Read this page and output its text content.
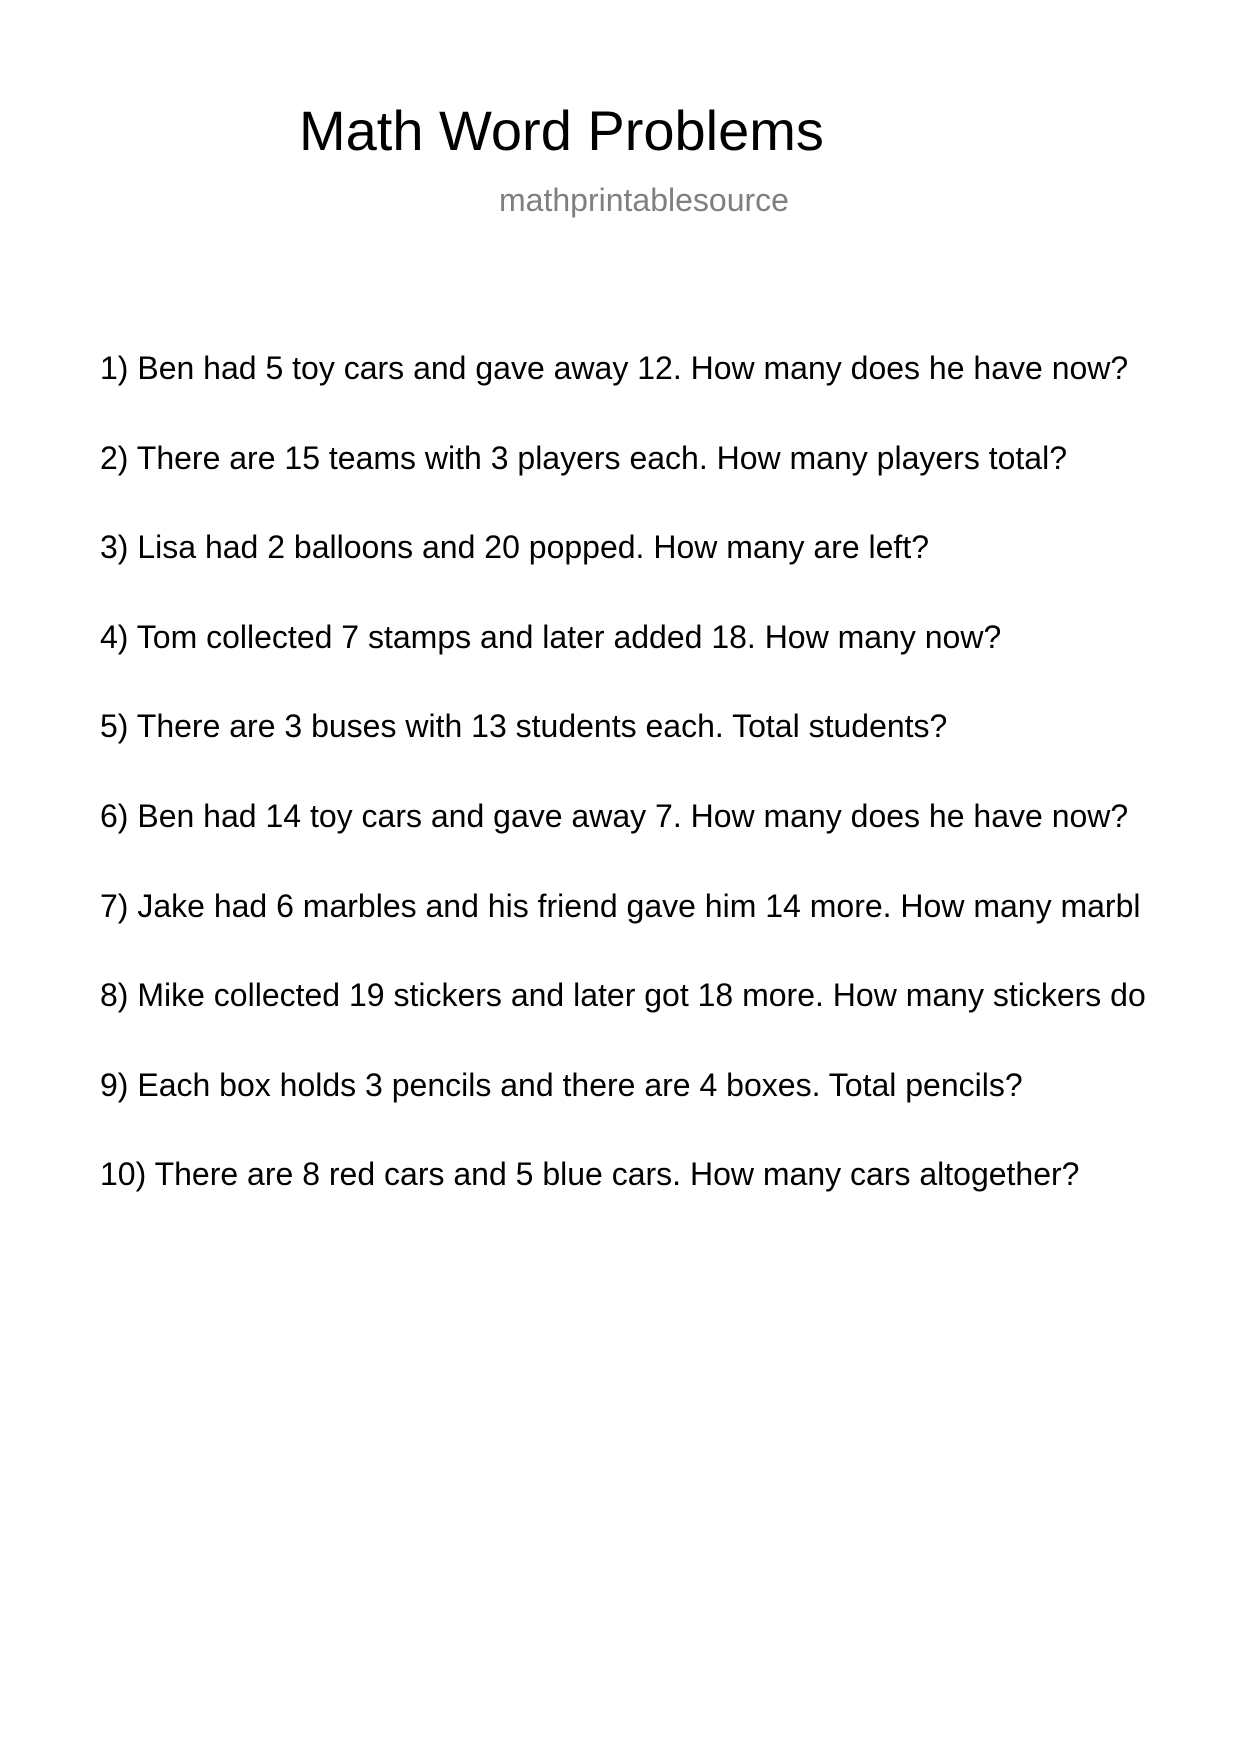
Math Word Problems
mathprintablesource
1) Ben had 5 toy cars and gave away 12. How many does he have now?
2) There are 15 teams with 3 players each. How many players total?
3) Lisa had 2 balloons and 20 popped. How many are left?
4) Tom collected 7 stamps and later added 18. How many now?
5) There are 3 buses with 13 students each. Total students?
6) Ben had 14 toy cars and gave away 7. How many does he have now?
7) Jake had 6 marbles and his friend gave him 14 more. How many marbl
8) Mike collected 19 stickers and later got 18 more. How many stickers do
9) Each box holds 3 pencils and there are 4 boxes. Total pencils?
10) There are 8 red cars and 5 blue cars. How many cars altogether?
